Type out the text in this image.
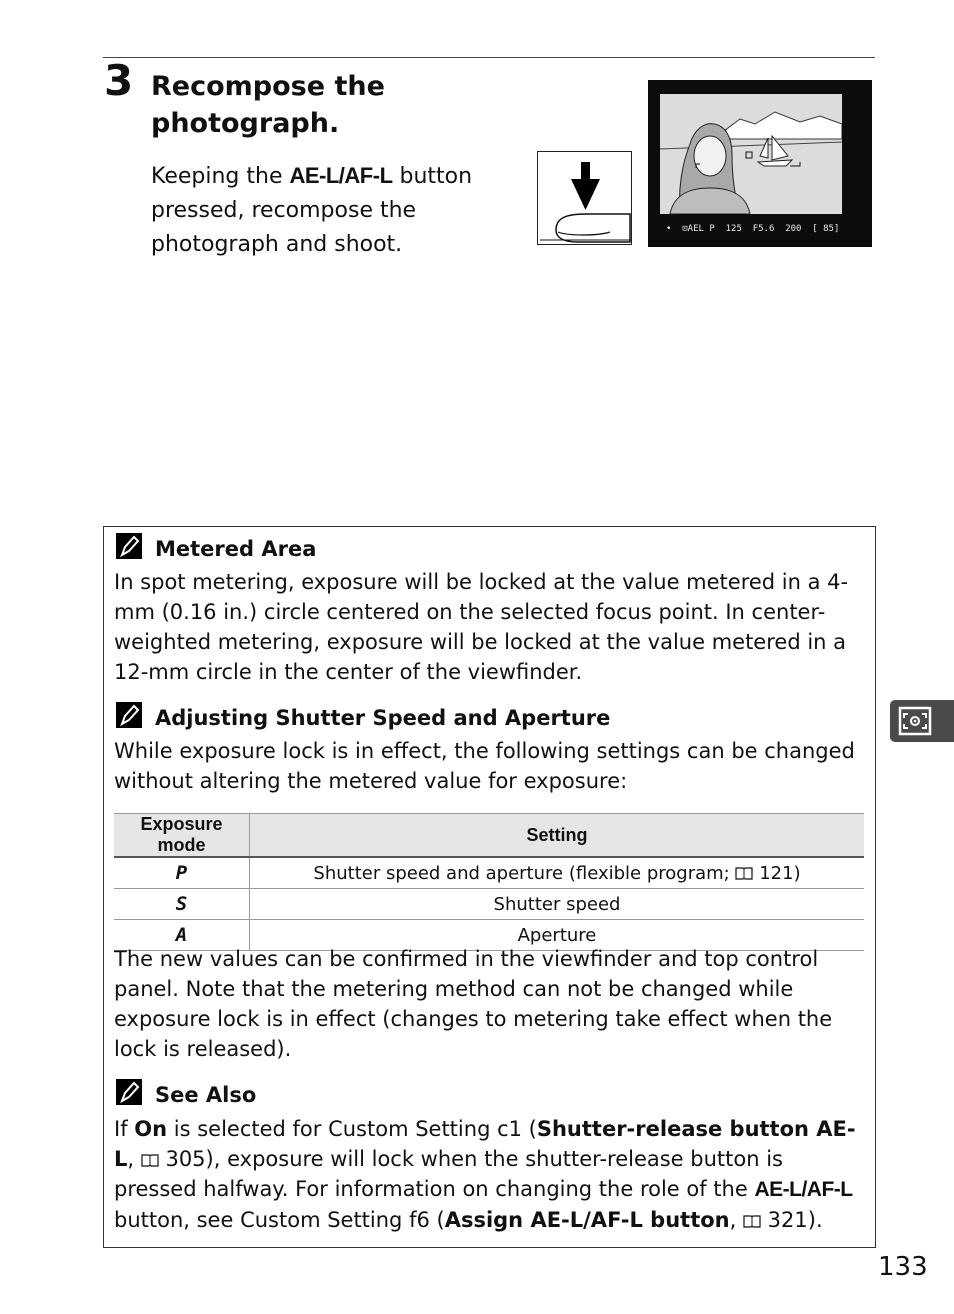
3 Recompose the photograph.
Keeping the AE-L/AF-L button pressed, recompose the photograph and shoot.
•  ⊡AEL P  125  F5.6  200  [ 85]
Metered Area
In spot metering, exposure will be locked at the value metered in a 4-mm (0.16 in.) circle centered on the selected focus point. In center-weighted metering, exposure will be locked at the value metered in a 12-mm circle in the center of the viewfinder.
Adjusting Shutter Speed and Aperture
While exposure lock is in effect, the following settings can be changed without altering the metered value for exposure:
Exposure mode	Setting
P	Shutter speed and aperture (flexible program; 121)
S	Shutter speed
A	Aperture
The new values can be confirmed in the viewfinder and top control panel. Note that the metering method can not be changed while exposure lock is in effect (changes to metering take effect when the lock is released).
See Also
If On is selected for Custom Setting c1 (Shutter-release button AE-L, 305), exposure will lock when the shutter-release button is pressed halfway. For information on changing the role of the AE-L/AF-L button, see Custom Setting f6 (Assign AE-L/AF-L button, 321).
133
